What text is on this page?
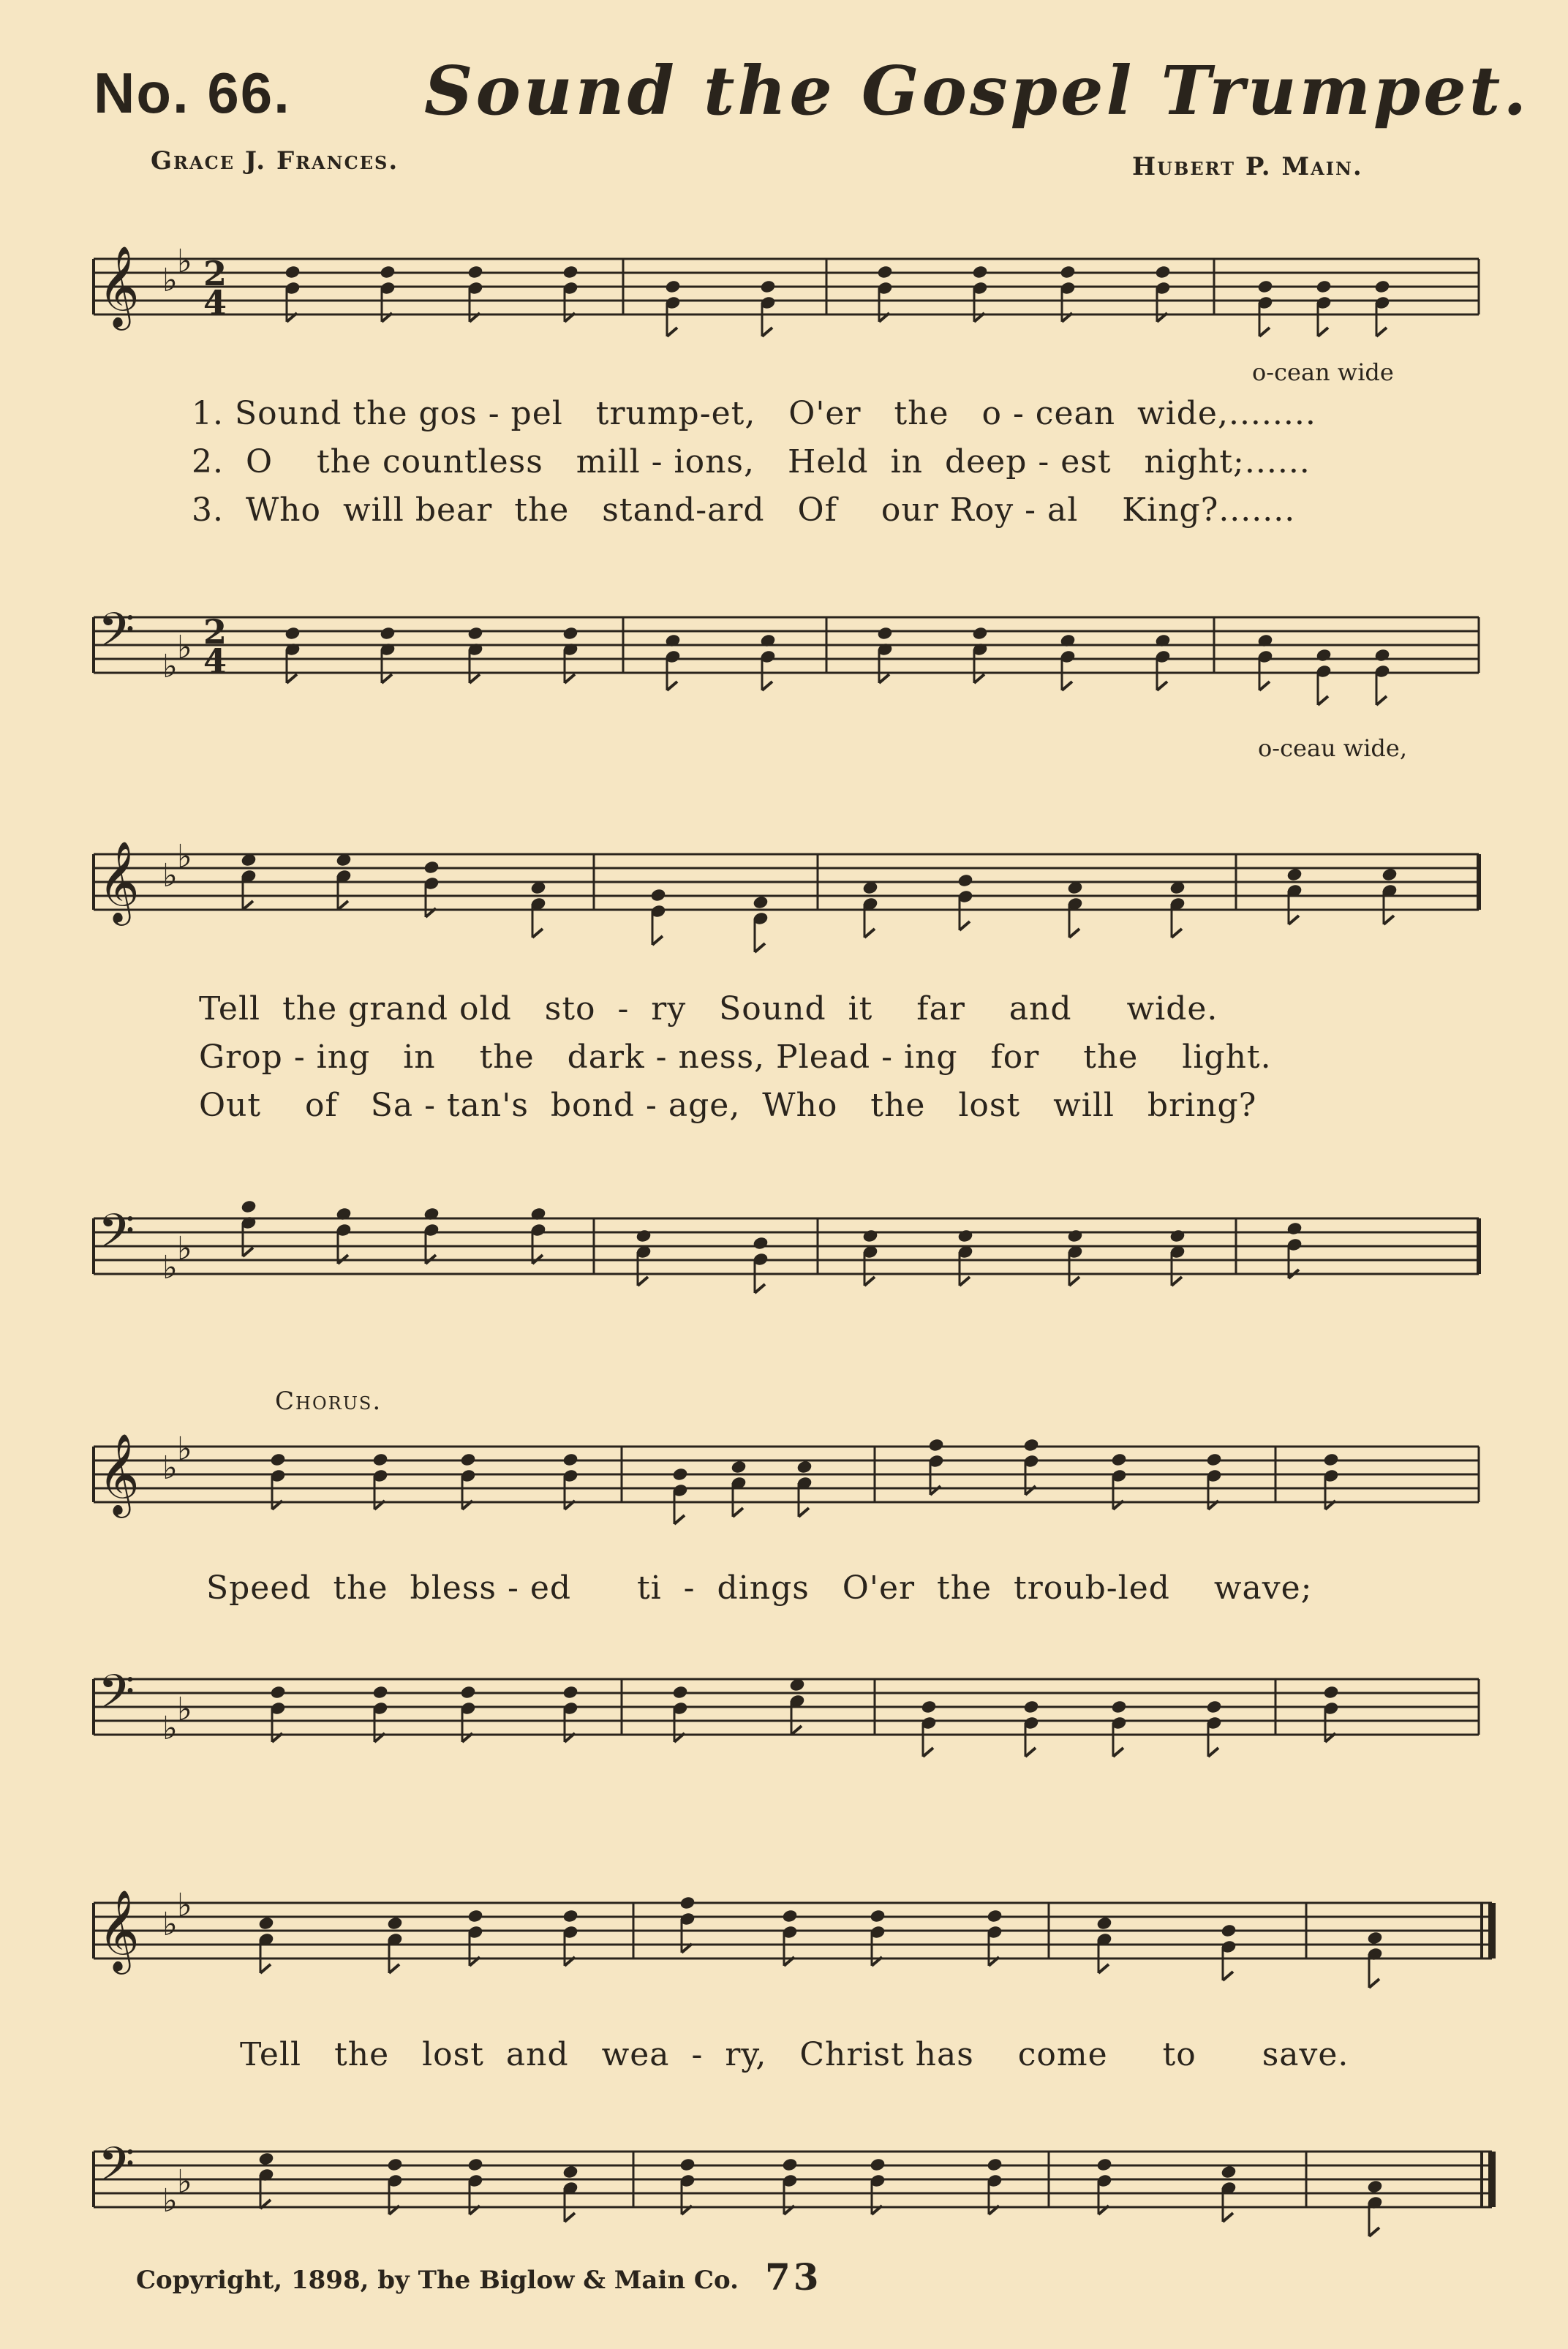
No. 66. Sound the Gospel Trumpet.
Grace J. Frances.	Hubert P. Main.
𝄞 ♭
♭ 2
4
𝄢 ♭
♭ 2
4
𝄞 ♭
♭
𝄢 ♭
♭
𝄞 ♭
♭
𝄢 ♭
♭
𝄞 ♭
♭
𝄢 ♭
♭
o-cean wide
1. Sound the gos - pel   trump-et,   O'er   the   o - cean  wide,........
2.  O    the countless   mill - ions,   Held  in  deep - est   night;......
3.  Who  will bear  the   stand-ard   Of    our Roy - al    King?.......
o-ceau wide,
Tell  the grand old   sto  -  ry   Sound  it    far    and     wide.
Grop - ing   in    the   dark - ness, Plead - ing   for    the    light.
Out    of   Sa - tan's  bond - age,  Who   the   lost   will   bring?
Chorus.
Speed  the  bless - ed      ti  -  dings   O'er  the  troub-led    wave;
Tell   the   lost  and   wea  -  ry,   Christ has    come     to      save.
Copyright, 1898, by The Biglow & Main Co. 73
